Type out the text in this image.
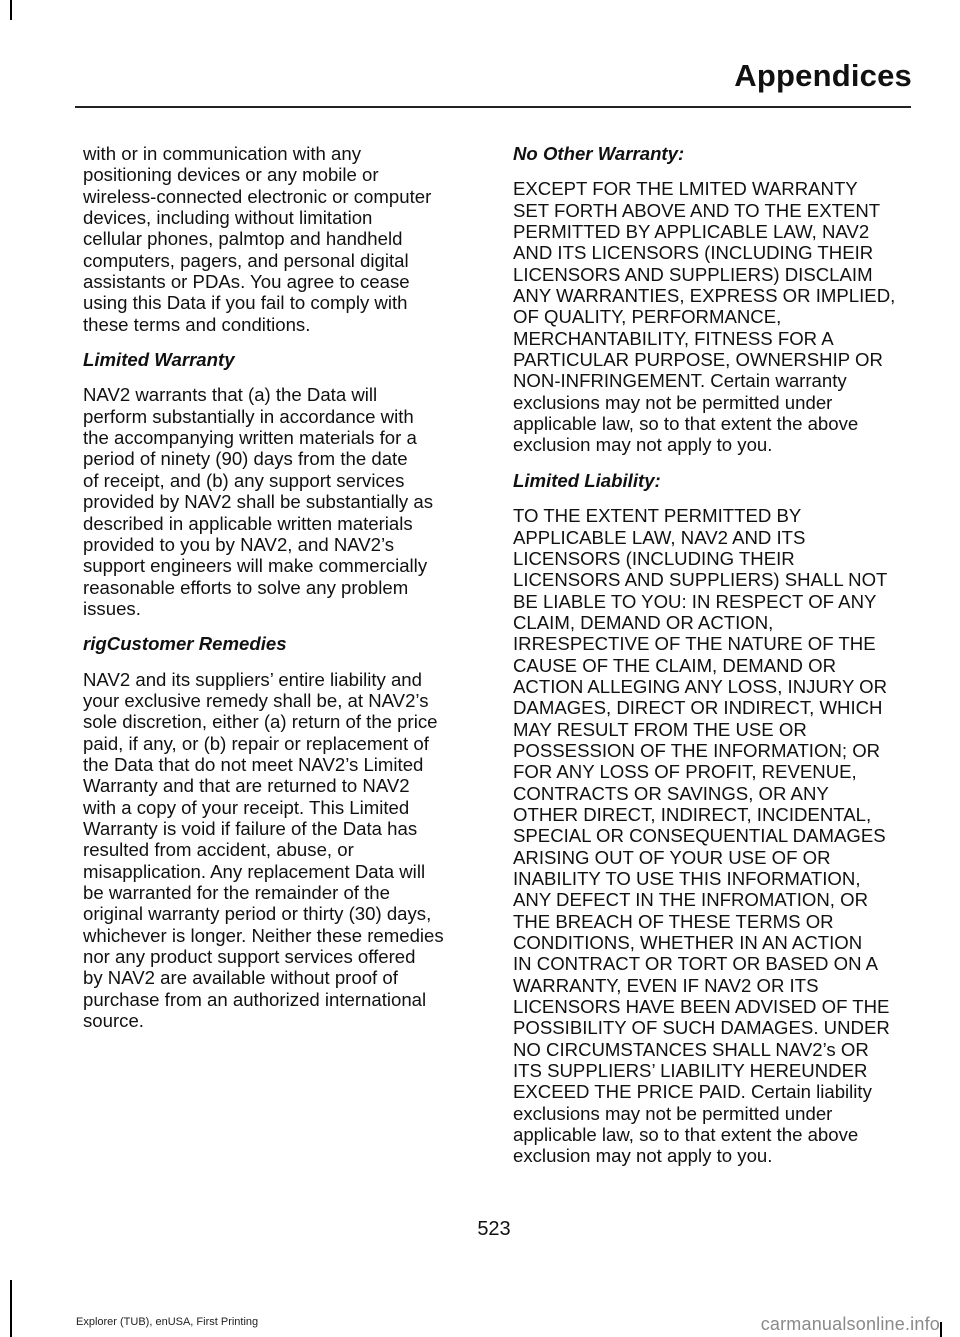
Appendices

with or in communication with any
positioning devices or any mobile or
wireless-connected electronic or computer
devices, including without limitation
cellular phones, palmtop and handheld
computers, pagers, and personal digital
assistants or PDAs. You agree to cease
using this Data if you fail to comply with
these terms and conditions.

Limited Warranty

NAV2 warrants that (a) the Data will
perform substantially in accordance with
the accompanying written materials for a
period of ninety (90) days from the date
of receipt, and (b) any support services
provided by NAV2 shall be substantially as
described in applicable written materials
provided to you by NAV2, and NAV2’s
support engineers will make commercially
reasonable efforts to solve any problem
issues.

rigCustomer Remedies

NAV2 and its suppliers’ entire liability and
your exclusive remedy shall be, at NAV2’s
sole discretion, either (a) return of the price
paid, if any, or (b) repair or replacement of
the Data that do not meet NAV2’s Limited
Warranty and that are returned to NAV2
with a copy of your receipt. This Limited
Warranty is void if failure of the Data has
resulted from accident, abuse, or
misapplication. Any replacement Data will
be warranted for the remainder of the
original warranty period or thirty (30) days,
whichever is longer. Neither these remedies
nor any product support services offered
by NAV2 are available without proof of
purchase from an authorized international
source.

No Other Warranty:

EXCEPT FOR THE LMITED WARRANTY
SET FORTH ABOVE AND TO THE EXTENT
PERMITTED BY APPLICABLE LAW, NAV2
AND ITS LICENSORS (INCLUDING THEIR
LICENSORS AND SUPPLIERS) DISCLAIM
ANY WARRANTIES, EXPRESS OR IMPLIED,
OF QUALITY, PERFORMANCE,
MERCHANTABILITY, FITNESS FOR A
PARTICULAR PURPOSE, OWNERSHIP OR
NON-INFRINGEMENT. Certain warranty
exclusions may not be permitted under
applicable law, so to that extent the above
exclusion may not apply to you.

Limited Liability:

TO THE EXTENT PERMITTED BY
APPLICABLE LAW, NAV2 AND ITS
LICENSORS (INCLUDING THEIR
LICENSORS AND SUPPLIERS) SHALL NOT
BE LIABLE TO YOU: IN RESPECT OF ANY
CLAIM, DEMAND OR ACTION,
IRRESPECTIVE OF THE NATURE OF THE
CAUSE OF THE CLAIM, DEMAND OR
ACTION ALLEGING ANY LOSS, INJURY OR
DAMAGES, DIRECT OR INDIRECT, WHICH
MAY RESULT FROM THE USE OR
POSSESSION OF THE INFORMATION; OR
FOR ANY LOSS OF PROFIT, REVENUE,
CONTRACTS OR SAVINGS, OR ANY
OTHER DIRECT, INDIRECT, INCIDENTAL,
SPECIAL OR CONSEQUENTIAL DAMAGES
ARISING OUT OF YOUR USE OF OR
INABILITY TO USE THIS INFORMATION,
ANY DEFECT IN THE INFROMATION, OR
THE BREACH OF THESE TERMS OR
CONDITIONS, WHETHER IN AN ACTION
IN CONTRACT OR TORT OR BASED ON A
WARRANTY, EVEN IF NAV2 OR ITS
LICENSORS HAVE BEEN ADVISED OF THE
POSSIBILITY OF SUCH DAMAGES. UNDER
NO CIRCUMSTANCES SHALL NAV2’s OR
ITS SUPPLIERS’ LIABILITY HEREUNDER
EXCEED THE PRICE PAID. Certain liability
exclusions may not be permitted under
applicable law, so to that extent the above
exclusion may not apply to you.

523
Explorer (TUB), enUSA, First Printing	carmanualsonline.info
